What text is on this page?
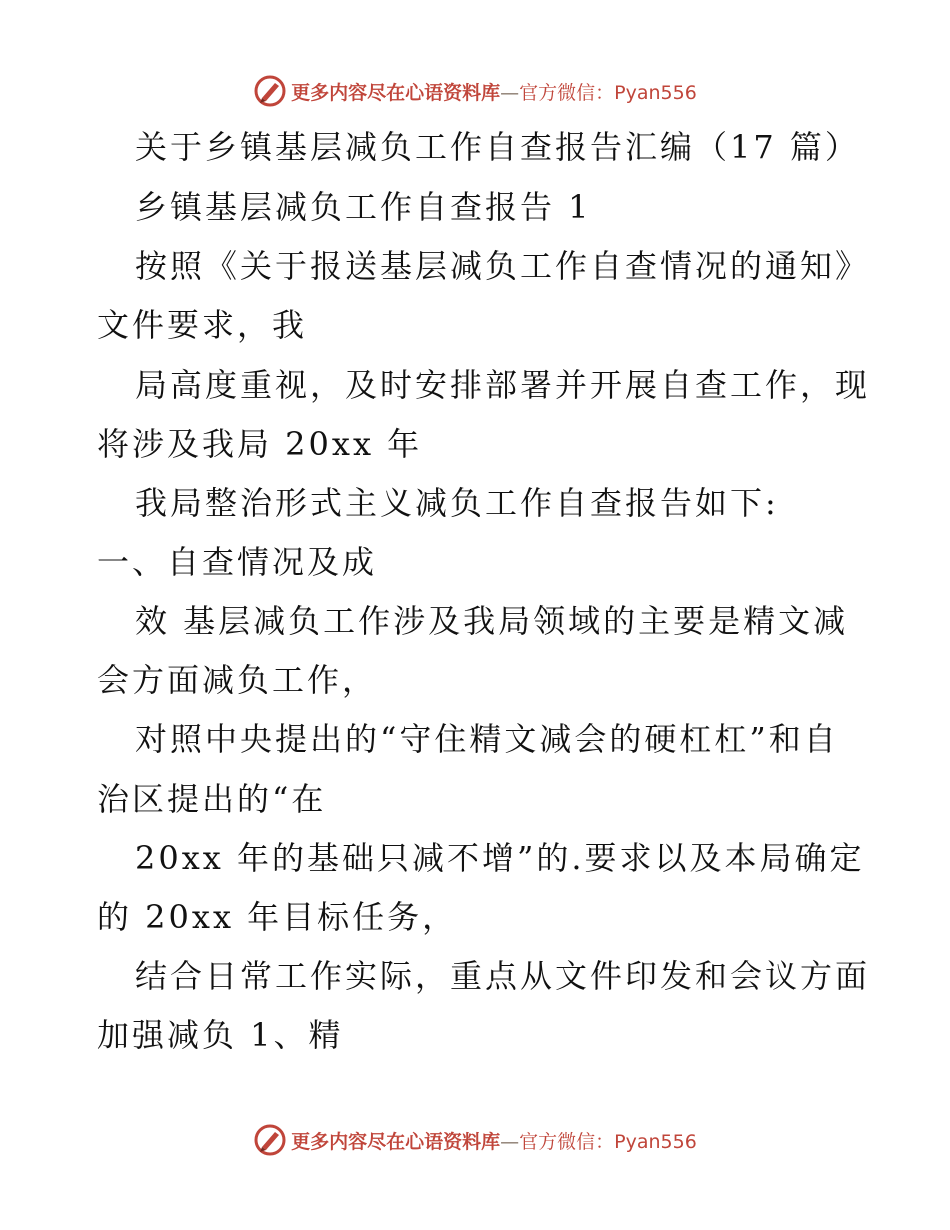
更多内容尽在心语资料库—官方微信：Pyan556
关于乡镇基层减负工作自查报告汇编（17 篇）
乡镇基层减负工作自查报告 1
按照《关于报送基层减负工作自查情况的通知》
文件要求，我
局高度重视，及时安排部署并开展自查工作，现
将涉及我局 20xx 年
我局整治形式主义减负工作自查报告如下:
一、自查情况及成
效 基层减负工作涉及我局领域的主要是精文减
会方面减负工作，
对照中央提出的“守住精文减会的硬杠杠”和自
治区提出的“在
20xx 年的基础只减不增”的.要求以及本局确定
的 20xx 年目标任务，
结合日常工作实际，重点从文件印发和会议方面
加强减负 1、精
更多内容尽在心语资料库—官方微信：Pyan556
